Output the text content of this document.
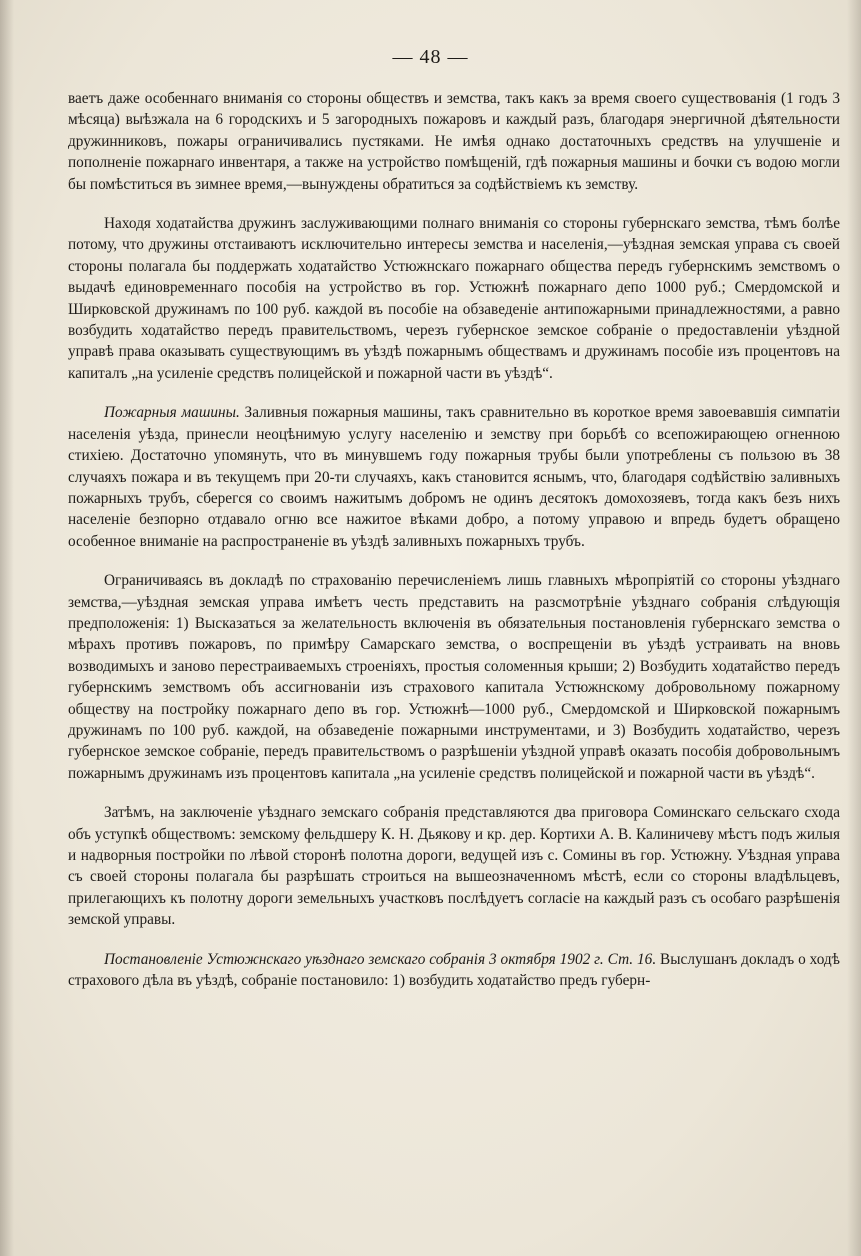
— 48 —

ваетъ даже особеннаго вниманія со стороны обществъ и земства, такъ какъ за время своего существованія (1 годъ 3 мѣсяца) выѣзжала на 6 городскихъ и 5 загородныхъ пожаровъ и каждый разъ, благодаря энергичной дѣятельности дружинниковъ, пожары ограничивались пустяками. Не имѣя однако достаточныхъ средствъ на улучшеніе и пополненіе пожарнаго инвентаря, а также на устройство помѣщеній, гдѣ пожарныя машины и бочки съ водою могли бы помѣститься въ зимнее время,—вынуждены обратиться за содѣйствіемъ къ земству.

Находя ходатайства дружинъ заслуживающими полнаго вниманія со стороны губернскаго земства, тѣмъ болѣе потому, что дружины отстаиваютъ исключительно интересы земства и населенія,—уѣздная земская управа съ своей стороны полагала бы поддержать ходатайство Устюжнскаго пожарнаго общества передъ губернскимъ земствомъ о выдачѣ единовременнаго пособія на устройство въ гор. Устюжнѣ пожарнаго депо 1000 руб.; Смердомской и Ширковской дружинамъ по 100 руб. каждой въ пособіе на обзаведеніе антипожарными принадлежностями, а равно возбудить ходатайство передъ правительствомъ, черезъ губернское земское собраніе о предоставленіи уѣздной управѣ права оказывать существующимъ въ уѣздѣ пожарнымъ обществамъ и дружинамъ пособіе изъ процентовъ на капиталъ „на усиленіе средствъ полицейской и пожарной части въ уѣздѣ“.

Пожарныя машины. Заливныя пожарныя машины, такъ сравнительно въ короткое время завоевавшія симпатіи населенія уѣзда, принесли неоцѣнимую услугу населенію и земству при борьбѣ со всепожирающею огненною стихіею. Достаточно упомянуть, что въ минувшемъ году пожарныя трубы были употреблены съ пользою въ 38 случаяхъ пожара и въ текущемъ при 20-ти случаяхъ, какъ становится яснымъ, что, благодаря содѣйствію заливныхъ пожарныхъ трубъ, сберегся со своимъ нажитымъ добромъ не одинъ десятокъ домохозяевъ, тогда какъ безъ нихъ населеніе безпорно отдавало огню все нажитое вѣками добро, а потому управою и впредь будетъ обращено особенное вниманіе на распространеніе въ уѣздѣ заливныхъ пожарныхъ трубъ.

Ограничиваясь въ докладѣ по страхованію перечисленіемъ лишь главныхъ мѣропріятій со стороны уѣзднаго земства,—уѣздная земская управа имѣетъ честь представить на разсмотрѣніе уѣзднаго собранія слѣдующія предположенія: 1) Высказаться за желательность включенія въ обязательныя постановленія губернскаго земства о мѣрахъ противъ пожаровъ, по примѣру Самарскаго земства, о воспрещеніи въ уѣздѣ устраивать на вновь возводимыхъ и заново перестраиваемыхъ строеніяхъ, простыя соломенныя крыши; 2) Возбудить ходатайство передъ губернскимъ земствомъ объ ассигнованіи изъ страхового капитала Устюжнскому добровольному пожарному обществу на постройку пожарнаго депо въ гор. Устюжнѣ—1000 руб., Смердомской и Ширковской пожарнымъ дружинамъ по 100 руб. каждой, на обзаведеніе пожарными инструментами, и 3) Возбудить ходатайство, черезъ губернское земское собраніе, передъ правительствомъ о разрѣшеніи уѣздной управѣ оказать пособія добровольнымъ пожарнымъ дружинамъ изъ процентовъ капитала „на усиленіе средствъ полицейской и пожарной части въ уѣздѣ“.

Затѣмъ, на заключеніе уѣзднаго земскаго собранія представляются два приговора Соминскаго сельскаго схода объ уступкѣ обществомъ: земскому фельдшеру К. Н. Дьякову и кр. дер. Кортихи А. В. Калиничеву мѣстъ подъ жилыя и надворныя постройки по лѣвой сторонѣ полотна дороги, ведущей изъ с. Сомины въ гор. Устюжну. Уѣздная управа съ своей стороны полагала бы разрѣшать строиться на вышеозначенномъ мѣстѣ, если со стороны владѣльцевъ, прилегающихъ къ полотну дороги земельныхъ участковъ послѣдуетъ согласіе на каждый разъ съ особаго разрѣшенія земской управы.

Постановленіе Устюжнскаго уѣзднаго земскаго собранія 3 октября 1902 г. Ст. 16. Выслушанъ докладъ о ходѣ страхового дѣла въ уѣздѣ, собраніе постановило: 1) возбудить ходатайство предъ губерн-
